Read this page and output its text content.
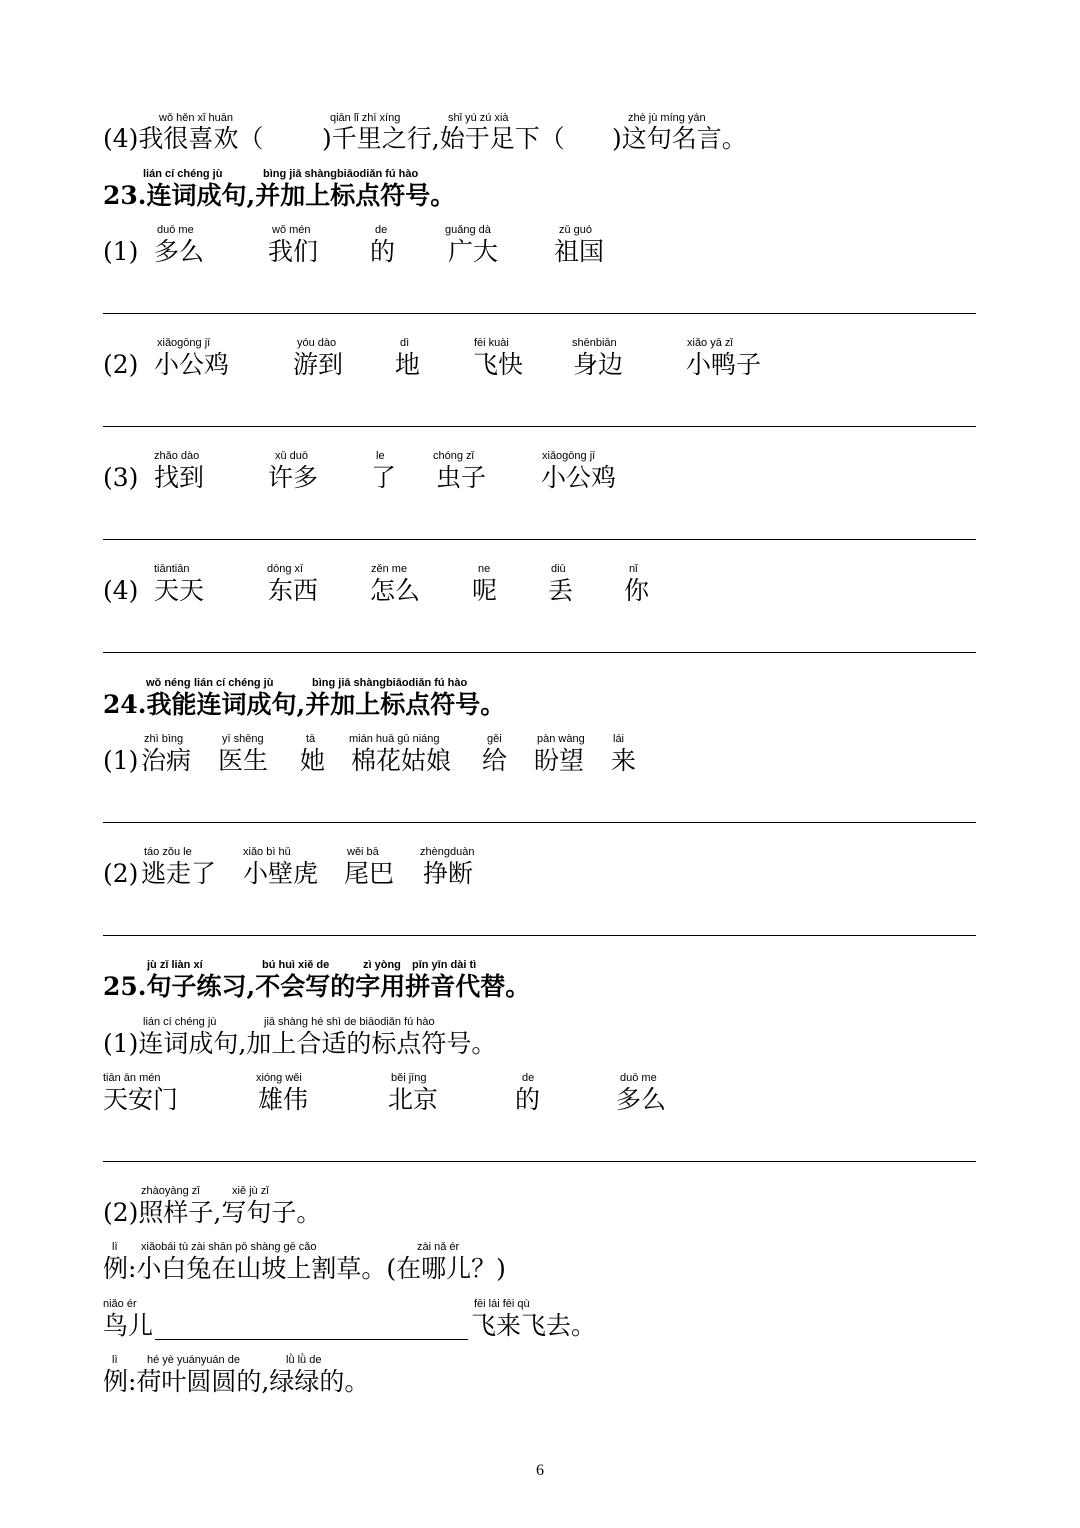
wǒ hěn xǐ huān	qiān lǐ zhī xíng	shǐ yú zú xià	zhè jù míng yán
(4)我很喜欢（ )千里之行,始于足下（ )这句名言。
lián cí chéng jù	bìng jiā shàngbiāodiǎn fú hào
23.连词成句,并加上标点符号。
duō me	wǒ mén	de	guǎng dà	zǔ guó
(1) 多么	我们 的 广大 祖国
xiǎogōng jī	yóu dào	dì	fēi kuài	shēnbiān	xiǎo yā zǐ
(2) 小公鸡	游到 地 飞快 身边	小鸭子
zhǎo dào	xǔ duō	le	chóng zǐ	xiǎogōng jī
(3) 找到	许多 了 虫子 小公鸡
tiāntiān	dōng xī	zěn me	ne	diū	nǐ
(4) 天天	东西 怎么 呢 丢 你
wǒ néng lián cí chéng jù	bìng jiā shàngbiāodiǎn fú hào
24.我能连词成句,并加上标点符号。
zhì bìng	yī shēng	tā	mián huā gū niáng	gěi	pàn wàng	lái
(1) 治病 医生 她 棉花姑娘 给 盼望 来
táo zǒu le	xiǎo bì hǔ	wěi bā	zhèngduàn
(2) 逃走了 小壁虎 尾巴 挣断
jù zǐ liàn xí	bú huì xiě de	zì yòng pīn yīn dài tì
25.句子练习,不会写的字用拼音代替。
lián cí chéng jù	jiā shàng hé shì de biāodiǎn fú hào
(1)连词成句,加上合适的标点符号。
tiān ān mén	xióng wěi	běi jīng	de	duō me
天安门	雄伟	北京	的	多么
zhàoyàng zǐ	xiě jù zǐ
(2)照样子,写句子。
lì xiǎobái tù zài shān pō shàng gē cǎo	zài nǎ ér
例:小白兔在山坡上割草。(在哪儿？)
niǎo ér	fēi lái fēi qù
鸟儿	飞来飞去。
lì	hé yè yuányuán de	lǜ lǜ de
例:荷叶圆圆的,绿绿的。
6
